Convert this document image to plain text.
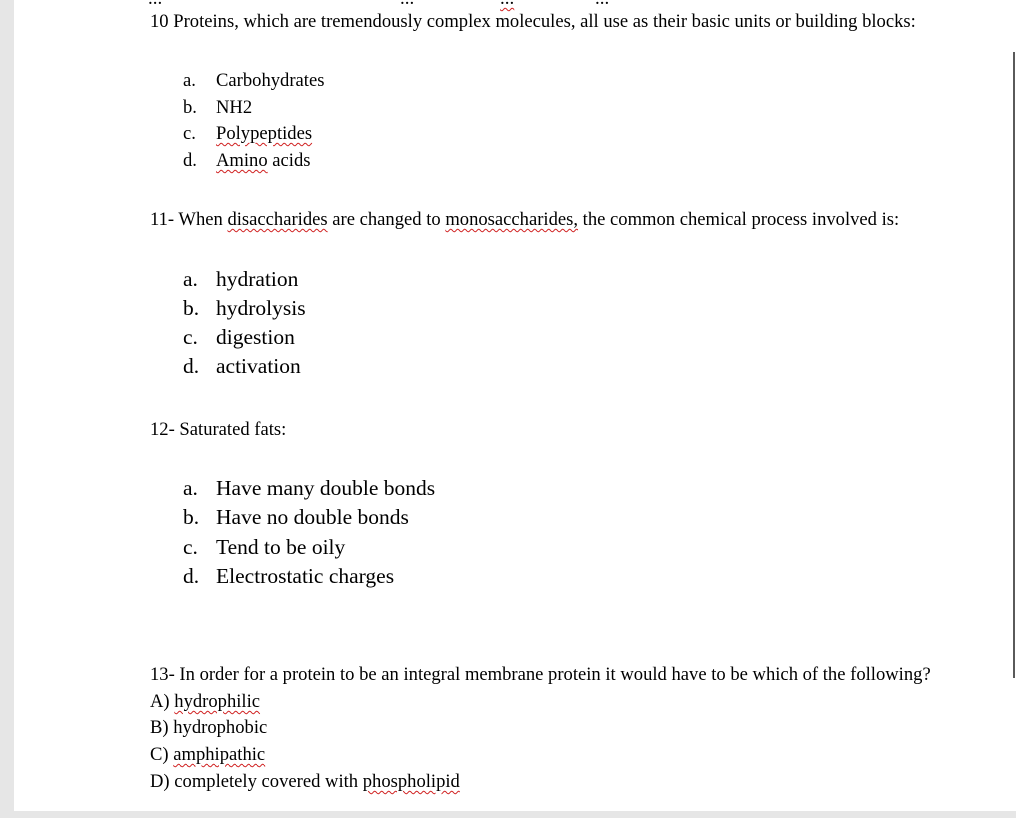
10 Proteins, which are tremendously complex molecules, all use as their basic units or building blocks:
a. Carbohydrates
b. NH2
c. Polypeptides
d. Amino acids
11- When disaccharides are changed to monosaccharides, the common chemical process involved is:
a. hydration
b. hydrolysis
c. digestion
d. activation
12- Saturated fats:
a. Have many double bonds
b. Have no double bonds
c. Tend to be oily
d. Electrostatic charges
13- In order for a protein to be an integral membrane protein it would have to be which of the following?
A) hydrophilic
B) hydrophobic
C) amphipathic
D) completely covered with phospholipid
